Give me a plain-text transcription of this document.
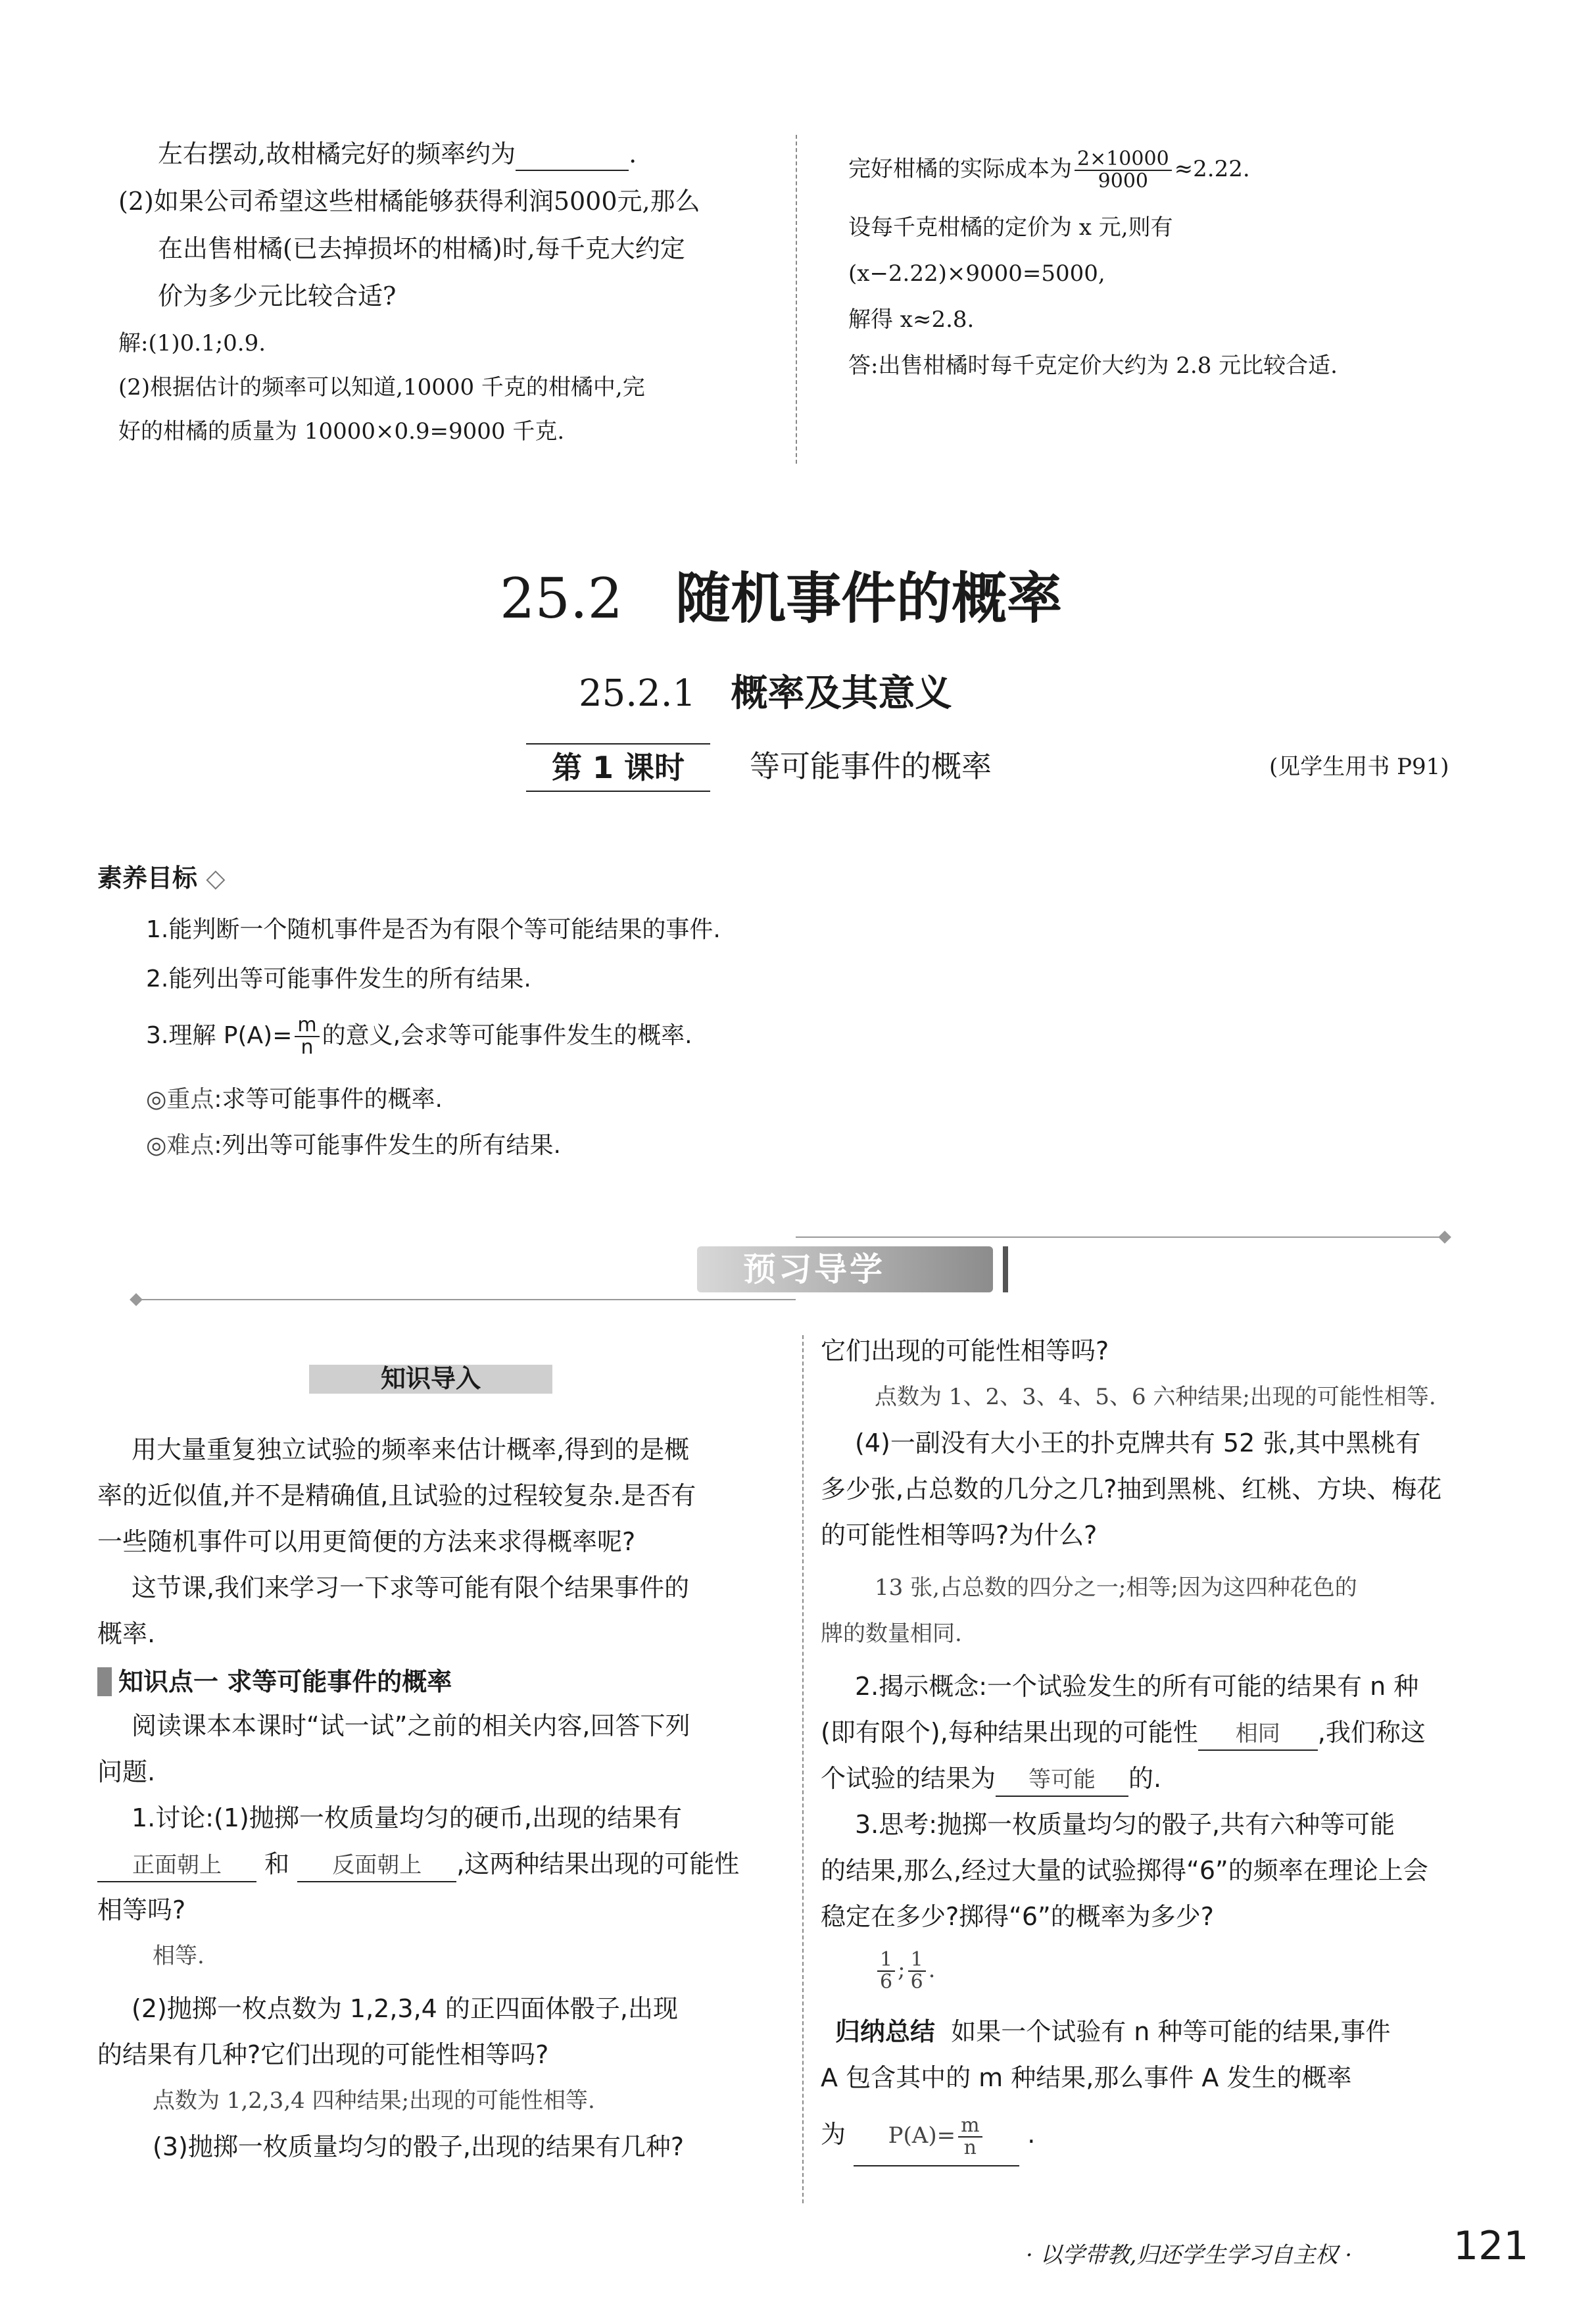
左右摆动,故柑橘完好的频率约为	.
(2)如果公司希望这些柑橘能够获得利润5000元,那么
在出售柑橘(已去掉损坏的柑橘)时,每千克大约定
价为多少元比较合适?
解:(1)0.1;0.9.
(2)根据估计的频率可以知道,10000 千克的柑橘中,完
好的柑橘的质量为 10000×0.9=9000 千克.
完好柑橘的实际成本为 $\frac{2\times 10000}{9000} \approx 2.22$.
设每千克柑橘的定价为 x 元,则有
(x−2.22)×9000=5000,
解得 x≈2.8.
答:出售柑橘时每千克定价大约为 2.8 元比较合适.
25.2 随机事件的概率
25.2.1 概率及其意义
第 1 课时	等可能事件的概率	(见学生用书 P91)
素养目标 ◇
1.能判断一个随机事件是否为有限个等可能结果的事件.
2.能列出等可能事件发生的所有结果.
3.理解 $P(A)= \frac{m}{n}$ 的意义,会求等可能事件发生的概率.
◎重点:求等可能事件的概率.
◎难点:列出等可能事件发生的所有结果.
预习导学
知识导入
用大量重复独立试验的频率来估计概率,得到的是概
率的近似值,并不是精确值,且试验的过程较复杂.是否有
一些随机事件可以用更简便的方法来求得概率呢?
这节课,我们来学习一下求等可能有限个结果事件的
概率.
知识点一 求等可能事件的概率
阅读课本本课时“试一试”之前的相关内容,回答下列
问题.
1.讨论:(1)抛掷一枚质量均匀的硬币,出现的结果有
正面朝上 和 反面朝上 ,这两种结果出现的可能性
相等吗?
相等.
(2)抛掷一枚点数为 1,2,3,4 的正四面体骰子,出现
的结果有几种?它们出现的可能性相等吗?
点数为 1,2,3,4 四种结果;出现的可能性相等.
(3)抛掷一枚质量均匀的骰子,出现的结果有几种?
它们出现的可能性相等吗?
点数为 1、2、3、4、5、6 六种结果;出现的可能性相等.
(4)一副没有大小王的扑克牌共有 52 张,其中黑桃有
多少张,占总数的几分之几?抽到黑桃、红桃、方块、梅花
的可能性相等吗?为什么?
13 张,占总数的四分之一;相等;因为这四种花色的
牌的数量相同.
2.揭示概念:一个试验发生的所有可能的结果有 n 种
(即有限个),每种结果出现的可能性 相同 ,我们称这
个试验的结果为 等可能 的.
3.思考:抛掷一枚质量均匀的骰子,共有六种等可能
的结果,那么,经过大量的试验掷得“6”的频率在理论上会
稳定在多少?掷得“6”的概率为多少?
$\frac{1}{6}$ ; $\frac{1}{6}$ .
归纳总结 如果一个试验有 n 种等可能的结果,事件
A 包含其中的 m 种结果,那么事件 A 发生的概率
为 $P(A)= \frac{m}{n}$ .
· 以学带教,归还学生学习自主权 ·	121
